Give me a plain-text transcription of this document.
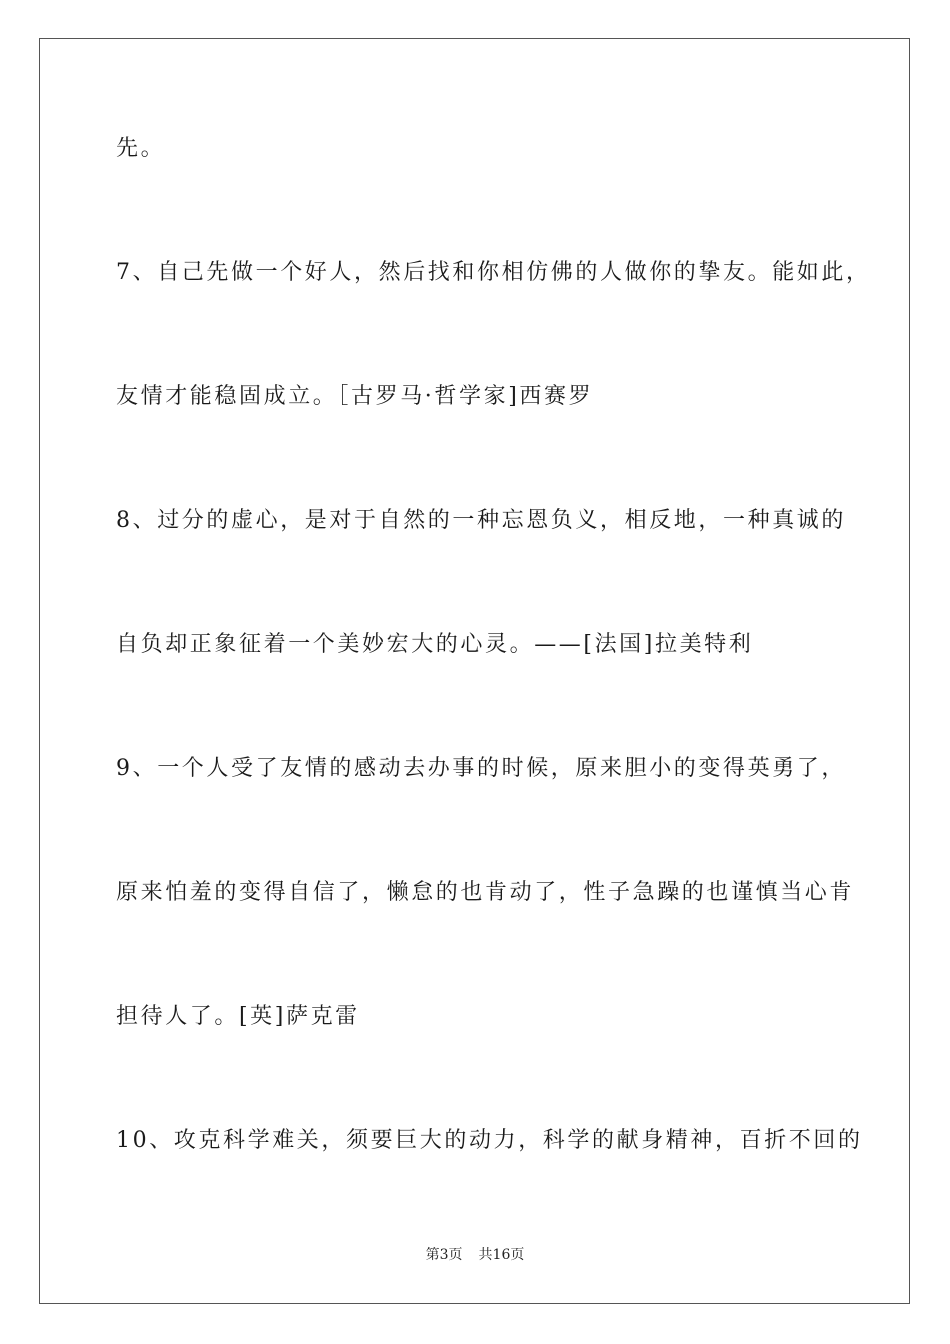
先。
7、自己先做一个好人，然后找和你相仿佛的人做你的挚友。能如此，
友情才能稳固成立。［古罗马·哲学家]西赛罗
8、过分的虚心，是对于自然的一种忘恩负义，相反地，一种真诚的
自负却正象征着一个美妙宏大的心灵。——[法国]拉美特利
9、一个人受了友情的感动去办事的时候，原来胆小的变得英勇了，
原来怕羞的变得自信了，懒怠的也肯动了，性子急躁的也谨慎当心肯
担待人了。[英]萨克雷
10、攻克科学难关，须要巨大的动力，科学的献身精神，百折不回的
第3页 共16页
